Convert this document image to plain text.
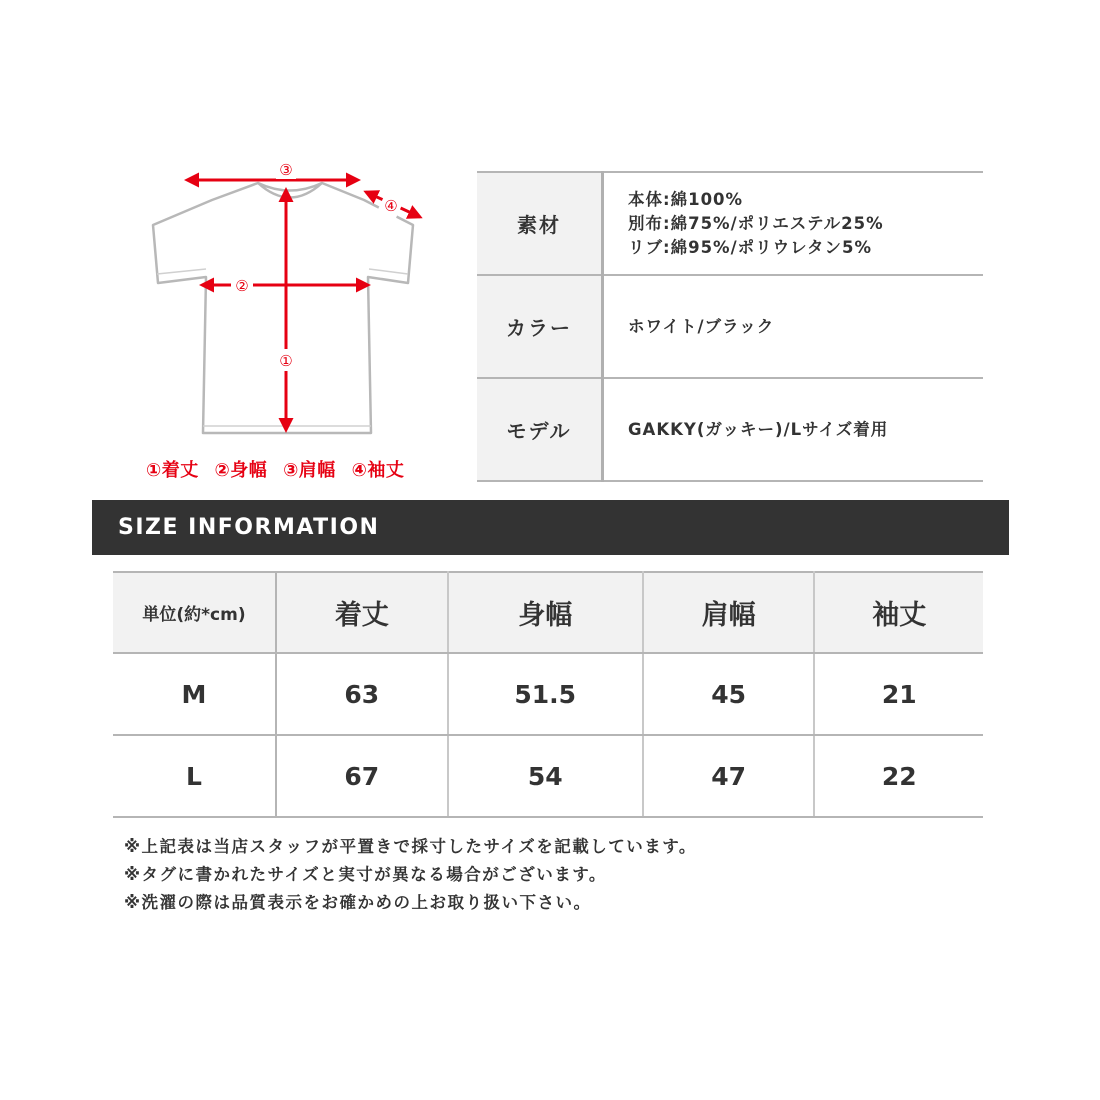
③
④
②
①
①着丈 ②身幅 ③肩幅 ④袖丈
素材	本体:綿100%
別布:綿75%/ポリエステル25%
リブ:綿95%/ポリウレタン5%

カラー	ホワイト/ブラック

モデル	GAKKY(ガッキー)/Lサイズ着用
SIZE INFORMATION
単位(約*cm)	着丈	身幅	肩幅	袖丈
M	63	51.5	45	21
L	67	54	47	22
※上記表は当店スタッフが平置きで採寸したサイズを記載しています。
※タグに書かれたサイズと実寸が異なる場合がございます。
※洗濯の際は品質表示をお確かめの上お取り扱い下さい。
